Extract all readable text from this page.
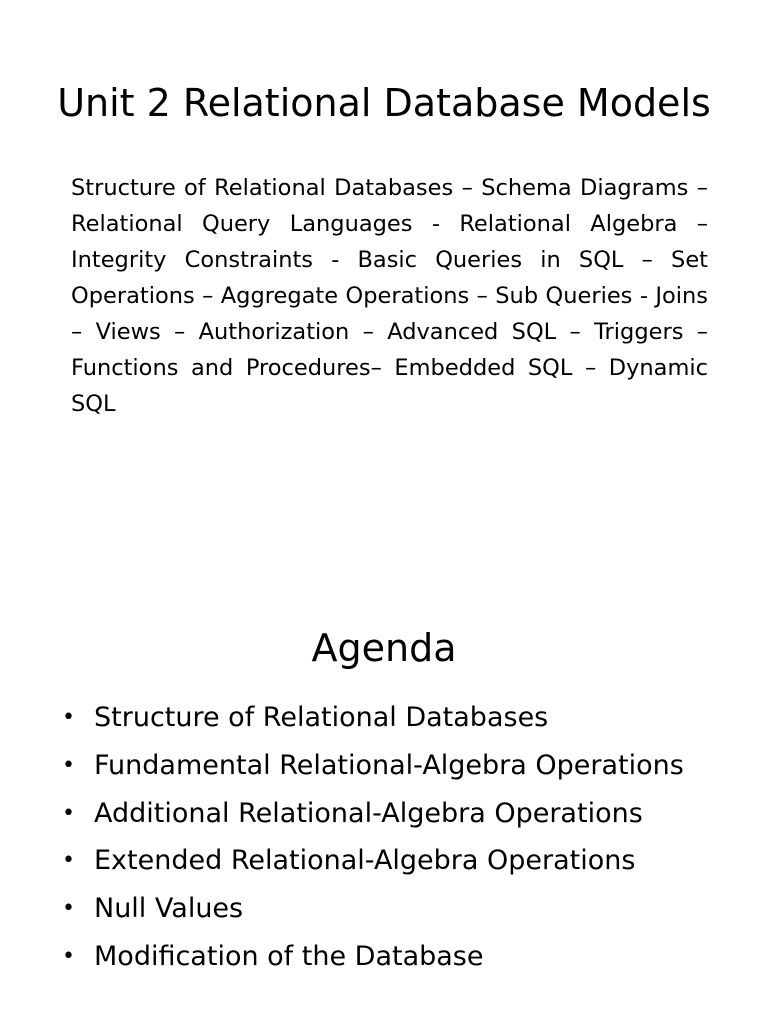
Unit 2 Relational Database Models

Structure of Relational Databases – Schema Diagrams – Relational Query Languages - Relational Algebra – Integrity Constraints - Basic Queries in SQL – Set Operations – Aggregate Operations – Sub Queries - Joins – Views – Authorization – Advanced SQL – Triggers – Functions and Procedures– Embedded SQL – Dynamic SQL

Agenda
• Structure of Relational Databases
• Fundamental Relational-Algebra Operations
• Additional Relational-Algebra Operations
• Extended Relational-Algebra Operations
• Null Values
• Modification of the Database
